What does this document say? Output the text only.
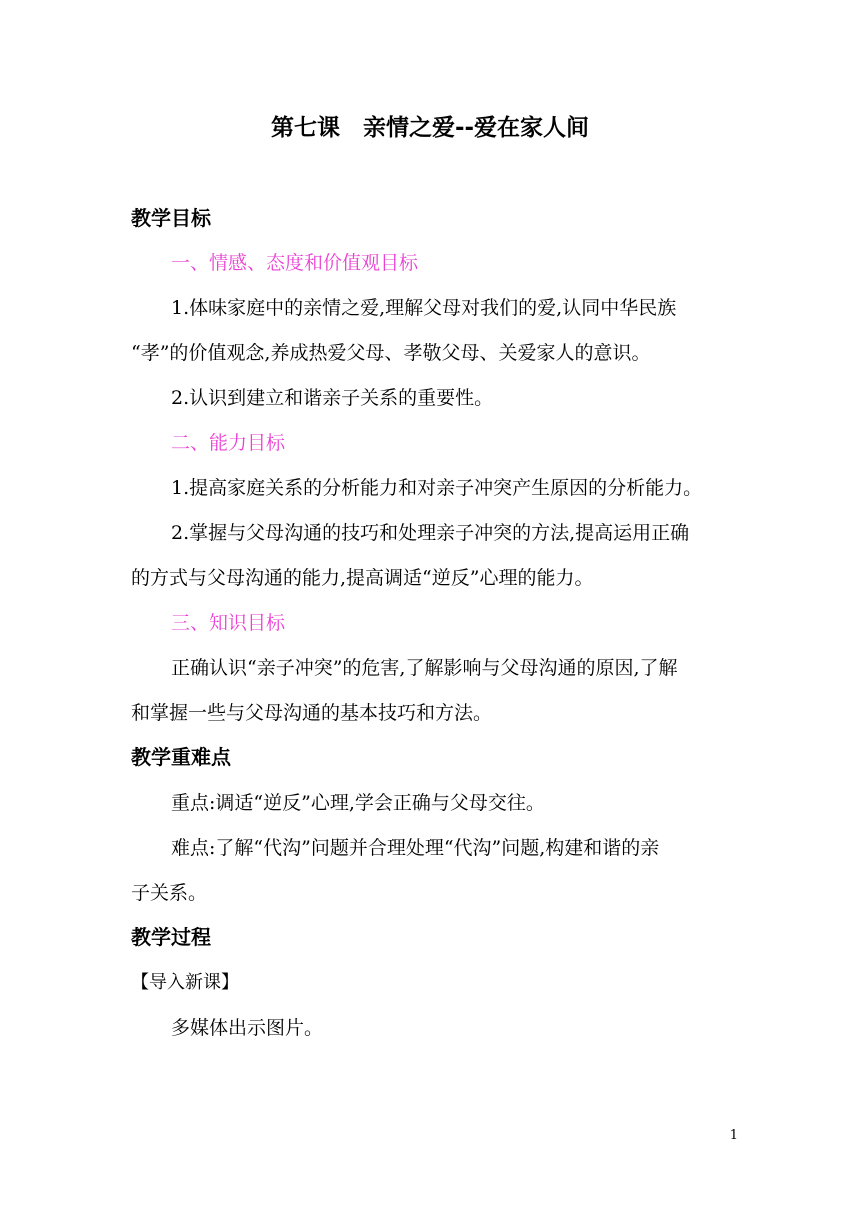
第七课　亲情之爱--爱在家人间

教学目标

一、情感、态度和价值观目标

1.体味家庭中的亲情之爱,理解父母对我们的爱,认同中华民族

“孝”的价值观念,养成热爱父母、孝敬父母、关爱家人的意识。

2.认识到建立和谐亲子关系的重要性。

二、能力目标

1.提高家庭关系的分析能力和对亲子冲突产生原因的分析能力。

2.掌握与父母沟通的技巧和处理亲子冲突的方法,提高运用正确

的方式与父母沟通的能力,提高调适“逆反”心理的能力。

三、知识目标

正确认识“亲子冲突”的危害,了解影响与父母沟通的原因,了解

和掌握一些与父母沟通的基本技巧和方法。

教学重难点

重点:调适“逆反”心理,学会正确与父母交往。

难点:了解“代沟”问题并合理处理“代沟”问题,构建和谐的亲

子关系。

教学过程

【导入新课】

多媒体出示图片。

1
